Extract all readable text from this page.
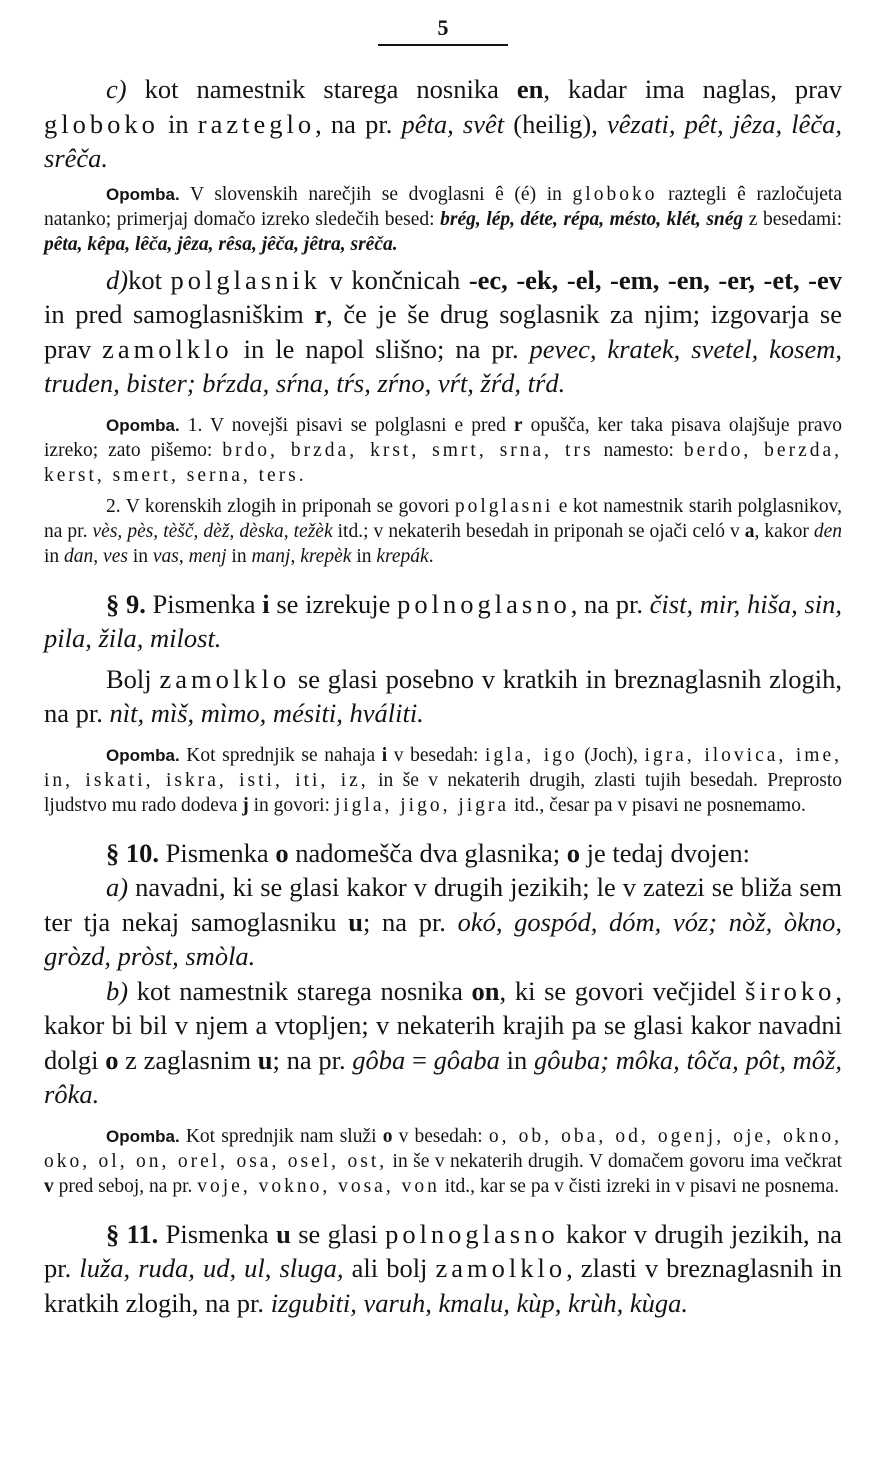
5

c) kot namestnik starega nosnika en, kadar ima naglas, prav globoko in razteglo, na pr. pêta, svêt (heilig), vêzati, pêt, jêza, lêča, srêča.

Opomba. V slovenskih narečjih se dvoglasni ê (é) in globoko raztegli ê razločujeta natanko; primerjaj domačo izreko sledečih besed: brég, lép, déte, répa, mésto, klét, snég z besedami: pêta, kêpa, lêča, jêza, rêsa, jêča, jêtra, srêča.

d)kot polglasnik v končnicah -ec, -ek, -el, -em, -en, -er, -et, -ev in pred samoglasniškim r, če je še drug soglasnik za njim; izgovarja se prav zamolklo in le napol slišno; na pr. pevec, kratek, svetel, kosem, truden, bister; bŕzda, sŕna, tŕs, zŕno, vŕt, žŕd, tŕd.

Opomba. 1. V novejši pisavi se polglasni e pred r opušča, ker taka pisava olajšuje pravo izreko; zato pišemo: brdo, brzda, krst, smrt, srna, trs namesto: berdo, berzda, kerst, smert, serna, ters.

2. V korenskih zlogih in priponah se govori polglasni e kot namestnik starih polglasnikov, na pr. vès, pès, tèšč, dèž, dèska, težèk itd.; v nekaterih besedah in priponah se ojači celó v a, kakor den in dan, ves in vas, menj in manj, krepèk in krepák.

§ 9. Pismenka i se izrekuje polnoglasno, na pr. čist, mir, hiša, sin, pila, žila, milost.

Bolj zamolklo se glasi posebno v kratkih in breznaglasnih zlogih, na pr. nìt, mìš, mìmo, mésiti, hváliti.

Opomba. Kot sprednjik se nahaja i v besedah: igla, igo (Joch), igra, ilovica, ime, in, iskati, iskra, isti, iti, iz, in še v nekaterih drugih, zlasti tujih besedah. Preprosto ljudstvo mu rado dodeva j in govori: jigla, jigo, jigra itd., česar pa v pisavi ne posnemamo.

§ 10. Pismenka o nadomešča dva glasnika; o je tedaj dvojen:

a) navadni, ki se glasi kakor v drugih jezikih; le v zatezi se bliža sem ter tja nekaj samoglasniku u; na pr. okó, gospód, dóm, vóz; nòž, òkno, gròzd, pròst, smòla.

b) kot namestnik starega nosnika on, ki se govori večjidel široko, kakor bi bil v njem a vtopljen; v nekaterih krajih pa se glasi kakor navadni dolgi o z zaglasnim u; na pr. gôba = gôaba in gôuba; môka, tôča, pôt, môž, rôka.

Opomba. Kot sprednjik nam služi o v besedah: o, ob, oba, od, ogenj, oje, okno, oko, ol, on, orel, osa, osel, ost, in še v nekaterih drugih. V domačem govoru ima večkrat v pred seboj, na pr. voje, vokno, vosa, von itd., kar se pa v čisti izreki in v pisavi ne posnema.

§ 11. Pismenka u se glasi polnoglasno kakor v drugih jezikih, na pr. luža, ruda, ud, ul, sluga, ali bolj zamolklo, zlasti v breznaglasnih in kratkih zlogih, na pr. izgubiti, varuh, kmalu, kùp, krùh, kùga.
